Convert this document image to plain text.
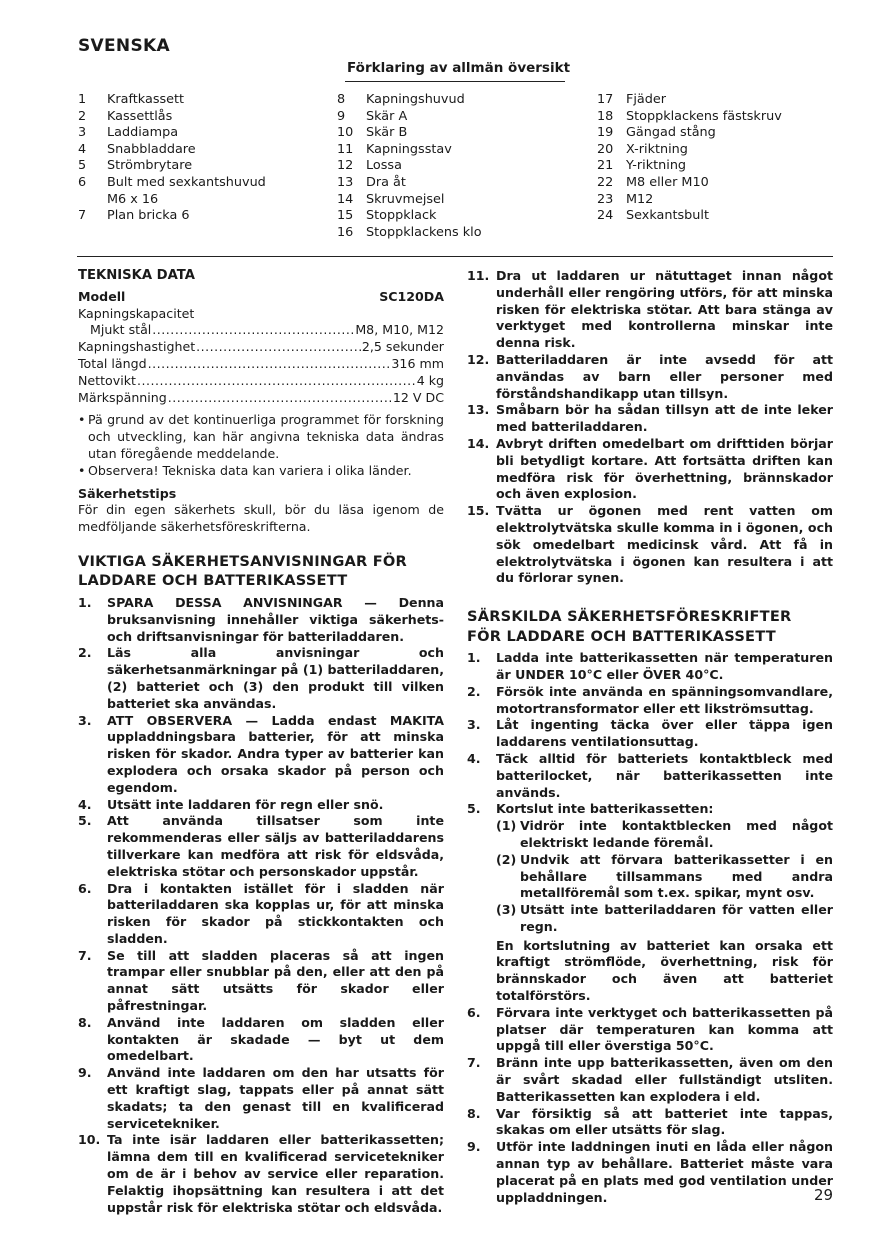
SVENSKA
Förklaring av allmän översikt
1	Kraftkassett
2	Kassettlås
3	Laddiampa
4	Snabbladdare
5	Strömbrytare
6	Bult med sexkantshuvud
M6 x 16
7	Plan bricka 6
8	Kapningshuvud
9	Skär A
10 Skär B
11 Kapningsstav
12 Lossa
13 Dra åt
14 Skruvmejsel
15 Stoppklack
16 Stoppklackens klo
17 Fjäder
18 Stoppklackens fästskruv
19 Gängad stång
20 X-riktning
21 Y-riktning
22 M8 eller M10
23 M12
24 Sexkantsbult
TEKNISKA DATA
Modell	SC120DA
Kapningskapacitet
Mjukt stål .....	M8, M10, M12
Kapningshastighet .....	2,5 sekunder
Total längd .....	316 mm
Nettovikt .....	4 kg
Märkspänning .....	12 V DC
• Pä grund av det kontinuerliga programmet för forskning och utveckling, kan här angivna tekniska data ändras utan föregående meddelande.
• Observera! Tekniska data kan variera i olika länder.
Säkerhetstips
För din egen säkerhets skull, bör du läsa igenom de medföljande säkerhetsföreskrifterna.
VIKTIGA SÄKERHETSANVISNINGAR FÖR
LADDARE OCH BATTERIKASSETT
1.	SPARA DESSA ANVISNINGAR — Denna bruksanvisning innehåller viktiga säkerhets- och driftsanvisningar för batteriladdaren.
2.	Läs alla anvisningar och säkerhetsanmärkningar på (1) batteriladdaren, (2) batteriet och (3) den produkt till vilken batteriet ska användas.
3.	ATT OBSERVERA — Ladda endast MAKITA uppladdningsbara batterier, för att minska risken för skador. Andra typer av batterier kan explodera och orsaka skador på person och egendom.
4.	Utsätt inte laddaren för regn eller snö.
5.	Att använda tillsatser som inte rekommenderas eller säljs av batteriladdarens tillverkare kan medföra att risk för eldsvåda, elektriska stötar och personskador uppstår.
6.	Dra i kontakten istället för i sladden när batteriladdaren ska kopplas ur, för att minska risken för skador på stickkontakten och sladden.
7.	Se till att sladden placeras så att ingen trampar eller snubblar på den, eller att den på annat sätt utsätts för skador eller påfrestningar.
8.	Använd inte laddaren om sladden eller kontakten är skadade — byt ut dem omedelbart.
9.	Använd inte laddaren om den har utsatts för ett kraftigt slag, tappats eller på annat sätt skadats; ta den genast till en kvalificerad servicetekniker.
10. Ta inte isär laddaren eller batterikassetten; lämna dem till en kvalificerad servicetekniker om de är i behov av service eller reparation. Felaktig ihopsättning kan resultera i att det uppstår risk för elektriska stötar och eldsvåda.
11. Dra ut laddaren ur nätuttaget innan något underhåll eller rengöring utförs, för att minska risken för elektriska stötar. Att bara stänga av verktyget med kontrollerna minskar inte denna risk.
12. Batteriladdaren är inte avsedd för att användas av barn eller personer med förståndshandikapp utan tillsyn.
13. Småbarn bör ha sådan tillsyn att de inte leker med batteriladdaren.
14. Avbryt driften omedelbart om drifttiden börjar bli betydligt kortare. Att fortsätta driften kan medföra risk för överhettning, brännskador och även explosion.
15. Tvätta ur ögonen med rent vatten om elektrolytvätska skulle komma in i ögonen, och sök omedelbart medicinsk vård. Att få in elektrolytvätska i ögonen kan resultera i att du förlorar synen.
SÄRSKILDA SÄKERHETSFÖRESKRIFTER
FÖR LADDARE OCH BATTERIKASSETT
1.	Ladda inte batterikassetten när temperaturen är UNDER 10°C eller ÖVER 40°C.
2.	Försök inte använda en spänningsomvandlare, motortransformator eller ett likströmsuttag.
3.	Låt ingenting täcka över eller täppa igen laddarens ventilationsuttag.
4.	Täck alltid för batteriets kontaktbleck med batterilocket, när batterikassetten inte används.
5.	Kortslut inte batterikassetten:
(1) Vidrör inte kontaktblecken med något elektriskt ledande föremål.
(2) Undvik att förvara batterikassetter i en behållare tillsammans med andra metallföremål som t.ex. spikar, mynt osv.
(3) Utsätt inte batteriladdaren för vatten eller regn.
En kortslutning av batteriet kan orsaka ett kraftigt strömflöde, överhettning, risk för brännskador och även att batteriet totalförstörs.
6.	Förvara inte verktyget och batterikassetten på platser där temperaturen kan komma att uppgå till eller överstiga 50°C.
7.	Bränn inte upp batterikassetten, även om den är svårt skadad eller fullständigt utsliten. Batterikassetten kan explodera i eld.
8.	Var försiktig så att batteriet inte tappas, skakas om eller utsätts för slag.
9.	Utför inte laddningen inuti en låda eller någon annan typ av behållare. Batteriet måste vara placerat på en plats med god ventilation under uppladdningen.	29
